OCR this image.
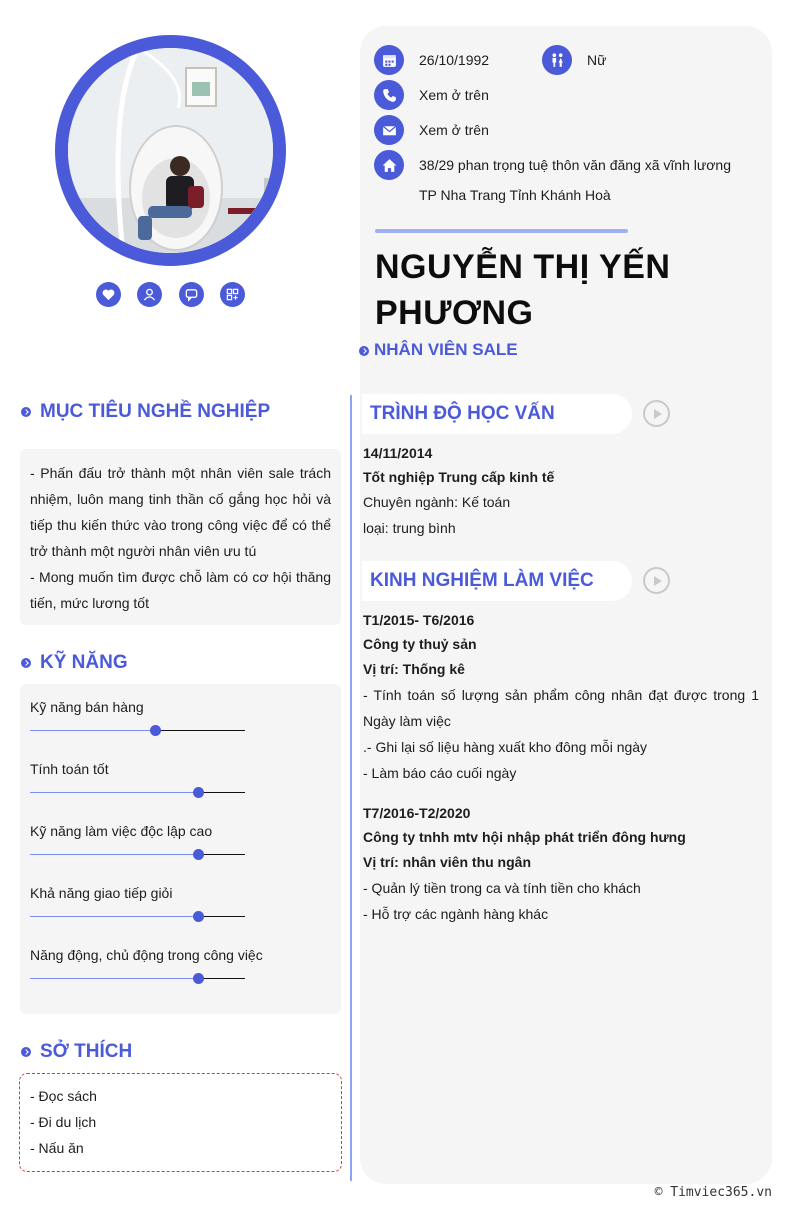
26/10/1992	Nữ
Xem ở trên
Xem ở trên
38/29 phan trọng tuệ thôn văn đăng xã vĩnh lương
TP Nha Trang Tỉnh Khánh Hoà
NGUYỄN THỊ YẾN
PHƯƠNG
NHÂN VIÊN SALE
MỤC TIÊU NGHỀ NGHIỆP
- Phấn đấu trở thành một nhân viên sale trách nhiệm, luôn mang tinh thần cố gắng học hỏi và tiếp thu kiến thức vào trong công việc để có thể trở thành một người nhân viên ưu tú
- Mong muốn tìm được chỗ làm có cơ hội thăng tiến, mức lương tốt
KỸ NĂNG
Kỹ năng bán hàng
Tính toán tốt
Kỹ năng làm việc độc lập cao
Khả năng giao tiếp giỏi
Năng động, chủ động trong công việc
SỞ THÍCH
- Đọc sách
- Đi du lịch
- Nấu ăn
TRÌNH ĐỘ HỌC VẤN
14/11/2014
Tốt nghiệp Trung cấp kinh tế
Chuyên ngành: Kế toán
loại: trung bình
KINH NGHIỆM LÀM VIỆC
T1/2015- T6/2016
Công ty thuỷ sản
Vị trí: Thống kê
- Tính toán số lượng sản phẩm công nhân đạt được trong 1 Ngày làm việc
.- Ghi lại số liệu hàng xuất kho đông mỗi ngày
- Làm báo cáo cuối ngày
T7/2016-T2/2020
Công ty tnhh mtv hội nhập phát triển đông hưng
Vị trí: nhân viên thu ngân
- Quản lý tiền trong ca và tính tiền cho khách
- Hỗ trợ các ngành hàng khác
© Timviec365.vn
